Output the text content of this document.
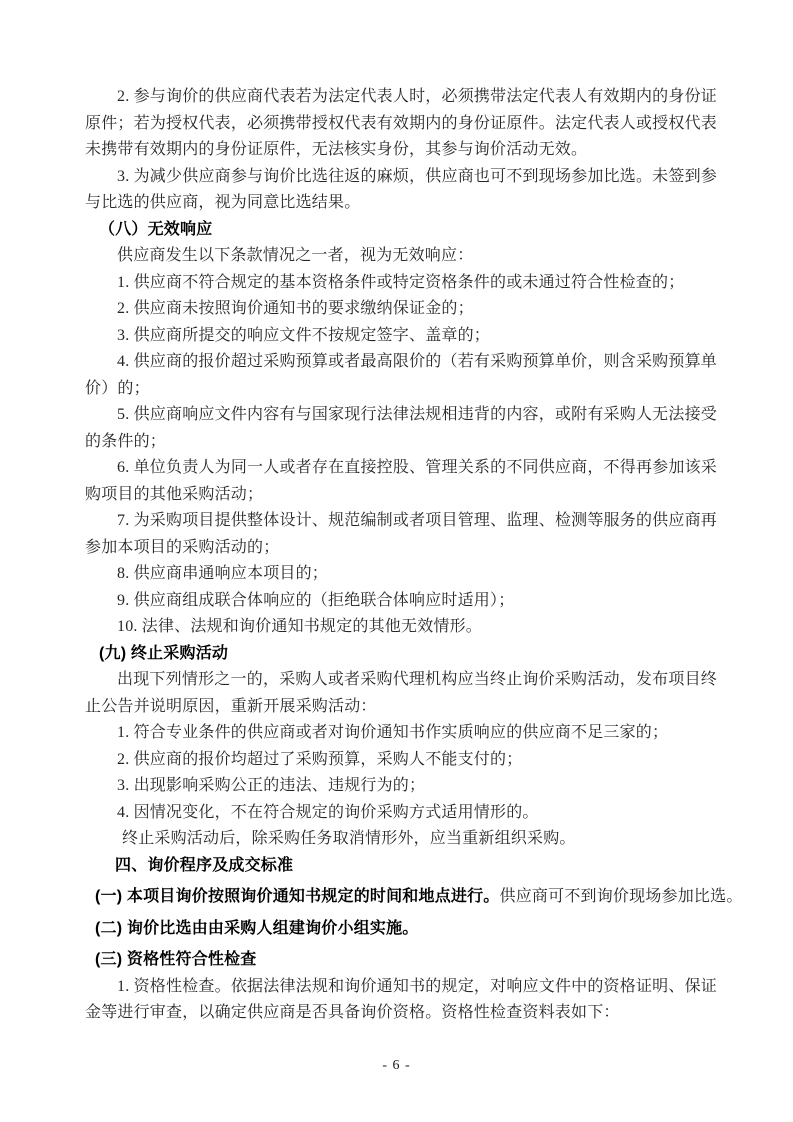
2. 参与询价的供应商代表若为法定代表人时，必须携带法定代表人有效期内的身份证原件；若为授权代表，必须携带授权代表有效期内的身份证原件。法定代表人或授权代表未携带有效期内的身份证原件，无法核实身份，其参与询价活动无效。

3. 为减少供应商参与询价比选往返的麻烦，供应商也可不到现场参加比选。未签到参与比选的供应商，视为同意比选结果。

（八）无效响应

供应商发生以下条款情况之一者，视为无效响应：

1. 供应商不符合规定的基本资格条件或特定资格条件的或未通过符合性检查的；

2. 供应商未按照询价通知书的要求缴纳保证金的；

3. 供应商所提交的响应文件不按规定签字、盖章的；

4. 供应商的报价超过采购预算或者最高限价的（若有采购预算单价，则含采购预算单价）的；

5. 供应商响应文件内容有与国家现行法律法规相违背的内容，或附有采购人无法接受的条件的；

6. 单位负责人为同一人或者存在直接控股、管理关系的不同供应商，不得再参加该采购项目的其他采购活动；

7. 为采购项目提供整体设计、规范编制或者项目管理、监理、检测等服务的供应商再参加本项目的采购活动的；

8. 供应商串通响应本项目的；

9. 供应商组成联合体响应的（拒绝联合体响应时适用）；

10. 法律、法规和询价通知书规定的其他无效情形。

(九) 终止采购活动

出现下列情形之一的，采购人或者采购代理机构应当终止询价采购活动，发布项目终止公告并说明原因，重新开展采购活动：

1. 符合专业条件的供应商或者对询价通知书作实质响应的供应商不足三家的；

2. 供应商的报价均超过了采购预算，采购人不能支付的；

3. 出现影响采购公正的违法、违规行为的；

4. 因情况变化，不在符合规定的询价采购方式适用情形的。

终止采购活动后，除采购任务取消情形外，应当重新组织采购。

四、询价程序及成交标准

(一) 本项目询价按照询价通知书规定的时间和地点进行。供应商可不到询价现场参加比选。

(二) 询价比选由由采购人组建询价小组实施。

(三) 资格性符合性检查

1. 资格性检查。依据法律法规和询价通知书的规定，对响应文件中的资格证明、保证金等进行审查，以确定供应商是否具备询价资格。资格性检查资料表如下：

- 6 -
